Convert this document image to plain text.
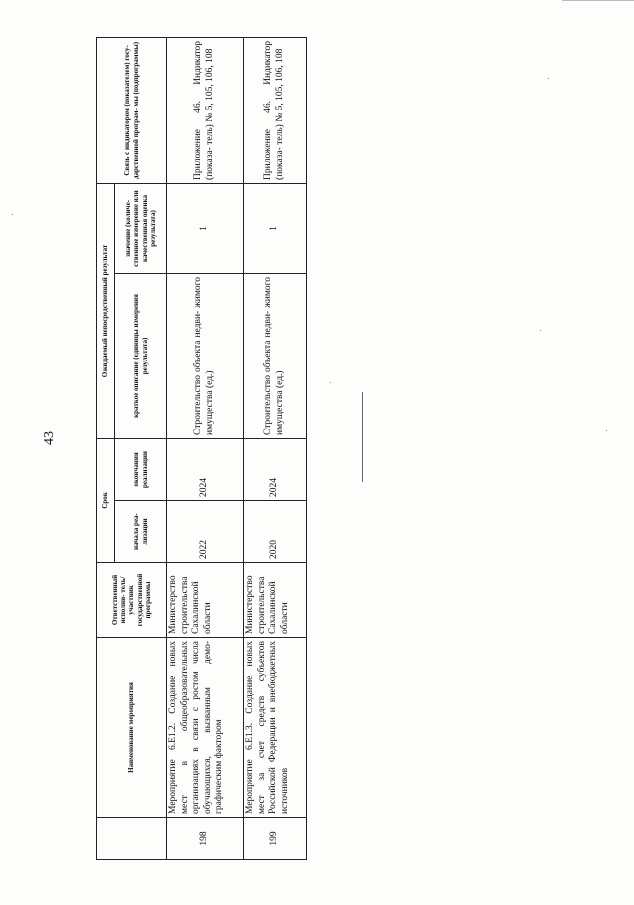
43
	Наименование мероприятия	Ответственный исполни- тель/участник государственной программы	Срок		Ожидаемый непосредственный результат		Связь с индикатором (показателем) госу- дарственной програм- мы (подпрограммы)
			начала реа- лизации	окончания реализации	краткое описание (единицы измерения результата)	значение (количе- ственное измерение или качественная оценка результата)	
198	Мероприятие 6.E1.2. Создание новых мест в общеобразовательных организациях в связи с ростом числа обучающихся, вызванным демо- графическим фактором	Министерство строительства Сахалинской области	2022	2024	Строительство объекта недви- жимого имущества (ед.)	1	Приложение 46. Индикатор (показа- тель) № 5, 105, 106, 108
199	Мероприятие 6.E1.3. Создание новых мест за счет средств субъектов Российской Федерации и внебюджетных источников	Министерство строительства Сахалинской области	2020	2024	Строительство объекта недви- жимого имущества (ед.)	1	Приложение 46. Индикатор (показа- тель) № 5, 105, 106, 108
